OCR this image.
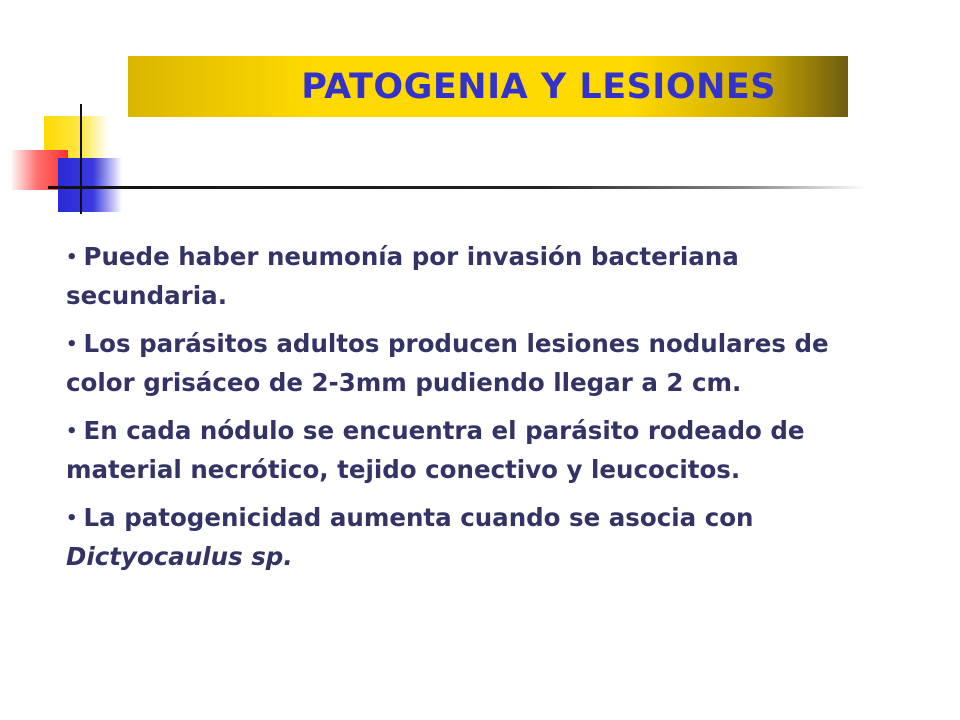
PATOGENIA Y LESIONES
• Puede haber neumonía por invasión bacteriana secundaria.
• Los parásitos adultos producen lesiones nodulares de color grisáceo de 2-3mm pudiendo llegar a 2 cm.
• En cada nódulo se encuentra el parásito rodeado de material necrótico, tejido conectivo y leucocitos.
• La patogenicidad aumenta cuando se asocia con Dictyocaulus sp.
